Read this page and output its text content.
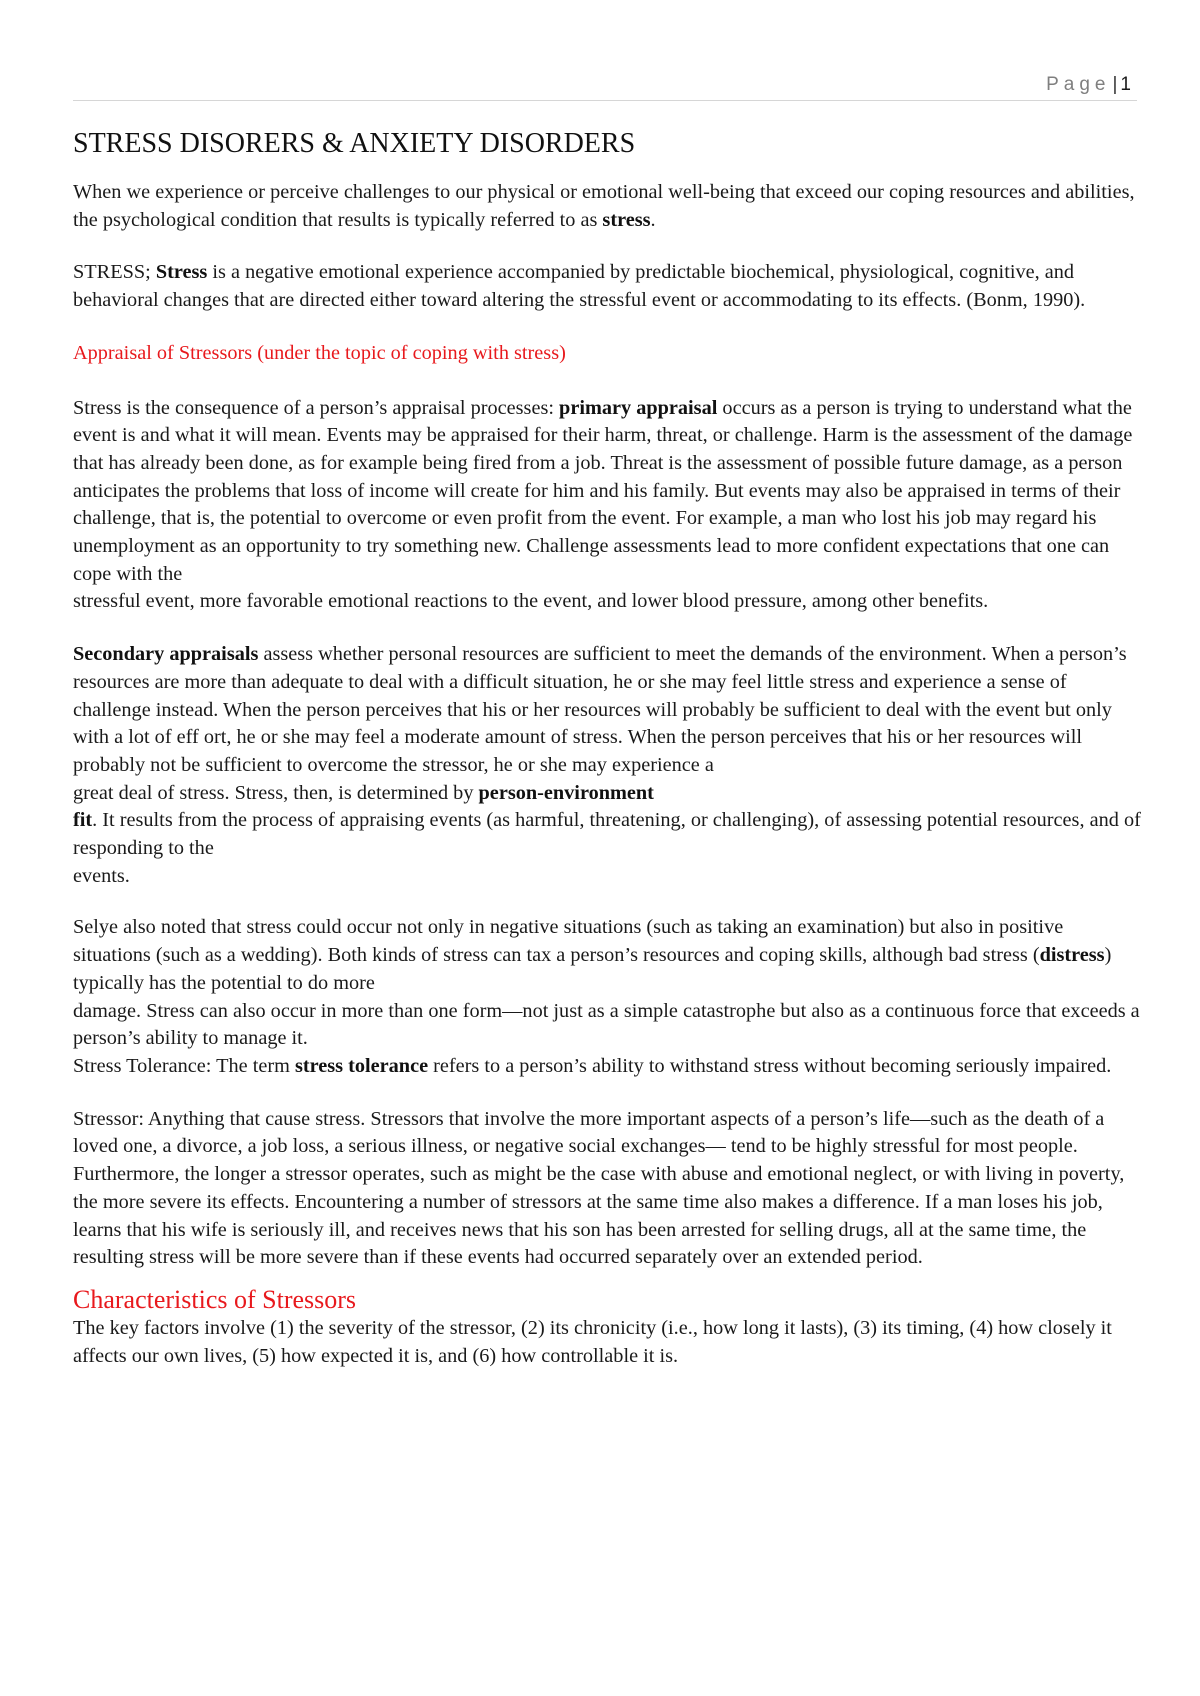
Page | 1
STRESS DISORERS & ANXIETY DISORDERS

When we experience or perceive challenges to our physical or emotional well-being that exceed our coping resources and abilities, the psychological condition that results is typically referred to as stress.

STRESS; Stress is a negative emotional experience accompanied by predictable biochemical, physiological, cognitive, and behavioral changes that are directed either toward altering the stressful event or accommodating to its effects. (Bonm, 1990).

Appraisal of Stressors (under the topic of coping with stress)

Stress is the consequence of a person’s appraisal processes: primary appraisal occurs as a person is trying to understand what the event is and what it will mean. Events may be appraised for their harm, threat, or challenge. Harm is the assessment of the damage that has already been done, as for example being fired from a job. Threat is the assessment of possible future damage, as a person anticipates the problems that loss of income will create for him and his family. But events may also be appraised in terms of their challenge, that is, the potential to overcome or even profit from the event. For example, a man who lost his job may regard his unemployment as an opportunity to try something new. Challenge assessments lead to more confident expectations that one can cope with the
stressful event, more favorable emotional reactions to the event, and lower blood pressure, among other benefits.

Secondary appraisals assess whether personal resources are sufficient to meet the demands of the environment. When a person’s resources are more than adequate to deal with a difficult situation, he or she may feel little stress and experience a sense of challenge instead. When the person perceives that his or her resources will probably be sufficient to deal with the event but only with a lot of eff ort, he or she may feel a moderate amount of stress. When the person perceives that his or her resources will probably not be sufficient to overcome the stressor, he or she may experience a
great deal of stress. Stress, then, is determined by person-environment
fit. It results from the process of appraising events (as harmful, threatening, or challenging), of assessing potential resources, and of responding to the
events.

Selye also noted that stress could occur not only in negative situations (such as taking an examination) but also in positive situations (such as a wedding). Both kinds of stress can tax a person’s resources and coping skills, although bad stress (distress) typically has the potential to do more
damage. Stress can also occur in more than one form—not just as a simple catastrophe but also as a continuous force that exceeds a person’s ability to manage it.

Stress Tolerance: The term stress tolerance refers to a person’s ability to withstand stress without becoming seriously impaired.

Stressor: Anything that cause stress. Stressors that involve the more important aspects of a person’s life—such as the death of a loved one, a divorce, a job loss, a serious illness, or negative social exchanges— tend to be highly stressful for most people. Furthermore, the longer a stressor operates, such as might be the case with abuse and emotional neglect, or with living in poverty, the more severe its effects. Encountering a number of stressors at the same time also makes a difference. If a man loses his job, learns that his wife is seriously ill, and receives news that his son has been arrested for selling drugs, all at the same time, the resulting stress will be more severe than if these events had occurred separately over an extended period.

Characteristics of Stressors

The key factors involve (1) the severity of the stressor, (2) its chronicity (i.e., how long it lasts), (3) its timing, (4) how closely it affects our own lives, (5) how expected it is, and (6) how controllable it is.
